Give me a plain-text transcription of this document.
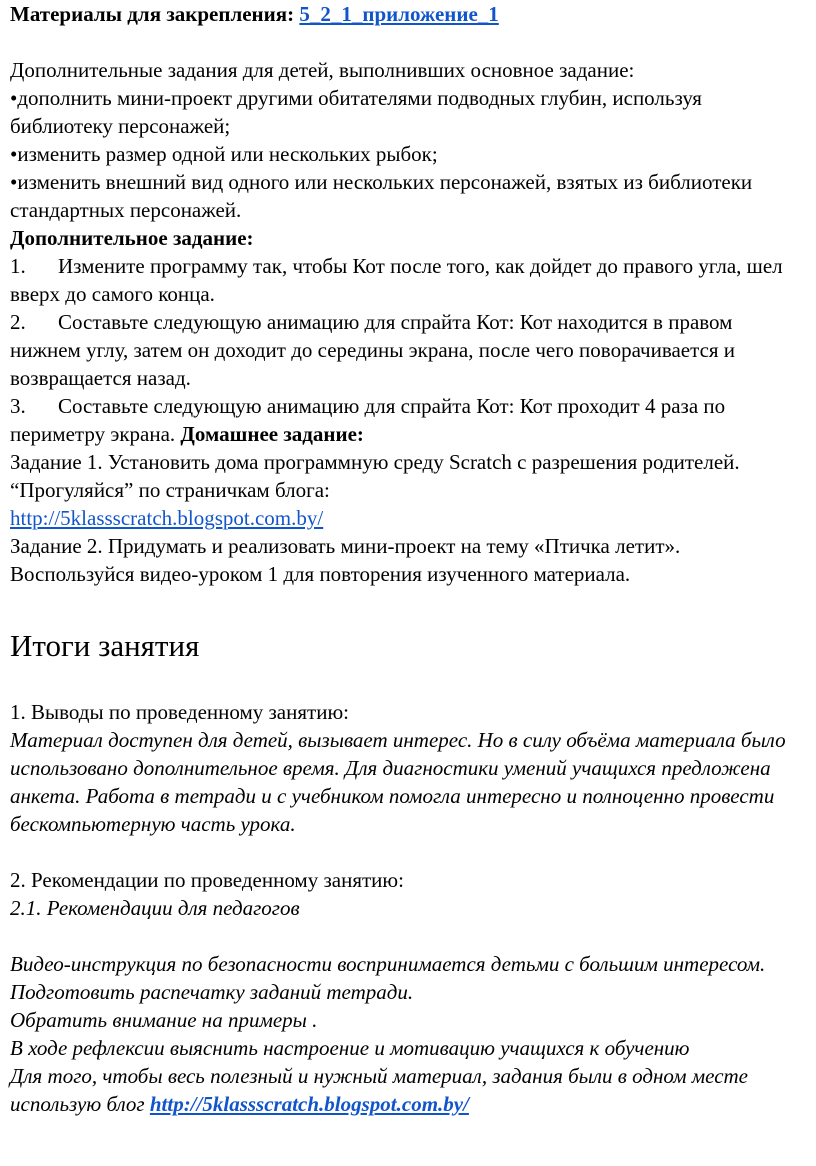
Материалы для закрепления: 5_2_1_приложение_1

Дополнительные задания для детей, выполнивших основное задание:

•дополнить мини-проект другими обитателями подводных глубин, используя библиотеку персонажей;

•изменить размер одной или нескольких рыбок;

•изменить внешний вид одного или нескольких персонажей, взятых из библиотеки стандартных персонажей.

Дополнительное задание:

1. Измените программу так, чтобы Кот после того, как дойдет до правого угла, шел вверх до самого конца.

2. Составьте следующую анимацию для спрайта Кот: Кот находится в правом нижнем углу, затем он доходит до середины экрана, после чего поворачивается и возвращается назад.

3. Составьте следующую анимацию для спрайта Кот: Кот проходит 4 раза по периметру экрана. Домашнее задание:

Задание 1. Установить дома программную среду Scratch с разрешения родителей. “Прогуляйся” по страничкам блога:

http://5klassscratch.blogspot.com.by/

Задание 2. Придумать и реализовать мини-проект на тему «Птичка летит». Воспользуйся видео-уроком 1 для повторения изученного материала.

Итоги занятия

1. Выводы по проведенному занятию:

Материал доступен для детей, вызывает интерес. Но в силу объёма материала было использовано дополнительное время. Для диагностики умений учащихся предложена анкета. Работа в тетради и с учебником помогла интересно и полноценно провести бескомпьютерную часть урока.

2. Рекомендации по проведенному занятию:

2.1. Рекомендации для педагогов

Видео-инструкция по безопасности воспринимается детьми с большим интересом.

Подготовить распечатку заданий тетради.

Обратить внимание на примеры .

В ходе рефлексии выяснить настроение и мотивацию учащихся к обучению

Для того, чтобы весь полезный и нужный материал, задания были в одном месте использую блог http://5klassscratch.blogspot.com.by/
